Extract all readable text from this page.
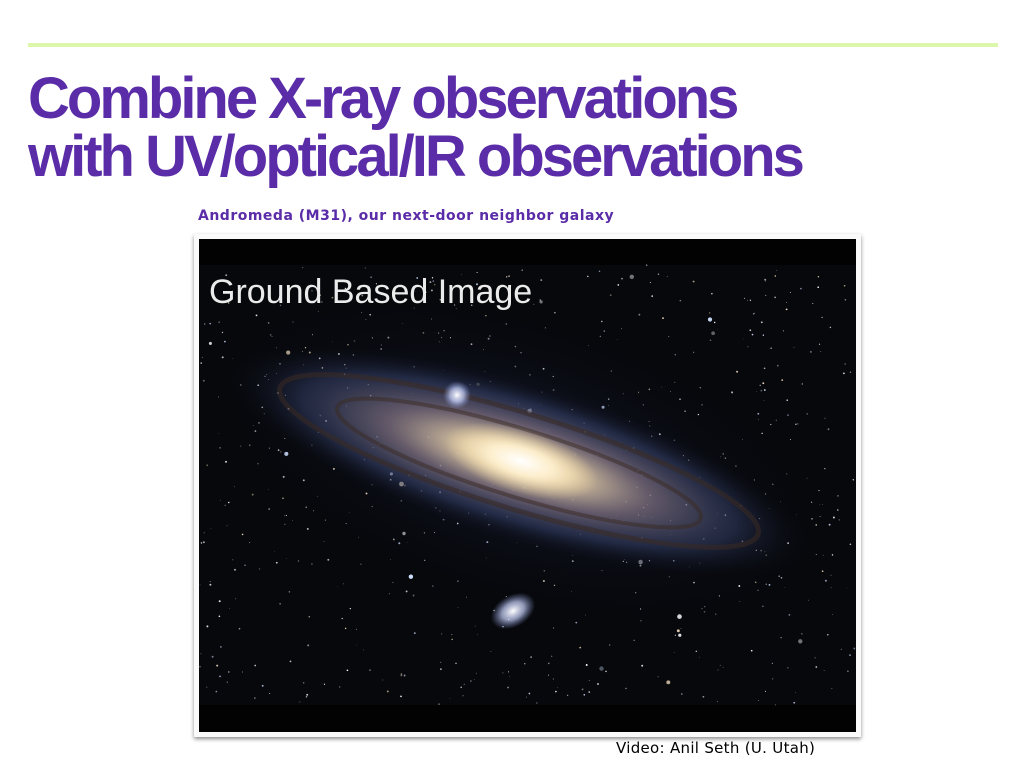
Combine X-ray observations
with UV/optical/IR observations
Andromeda (M31), our next-door neighbor galaxy
Ground Based Image
Video: Anil Seth (U. Utah)
